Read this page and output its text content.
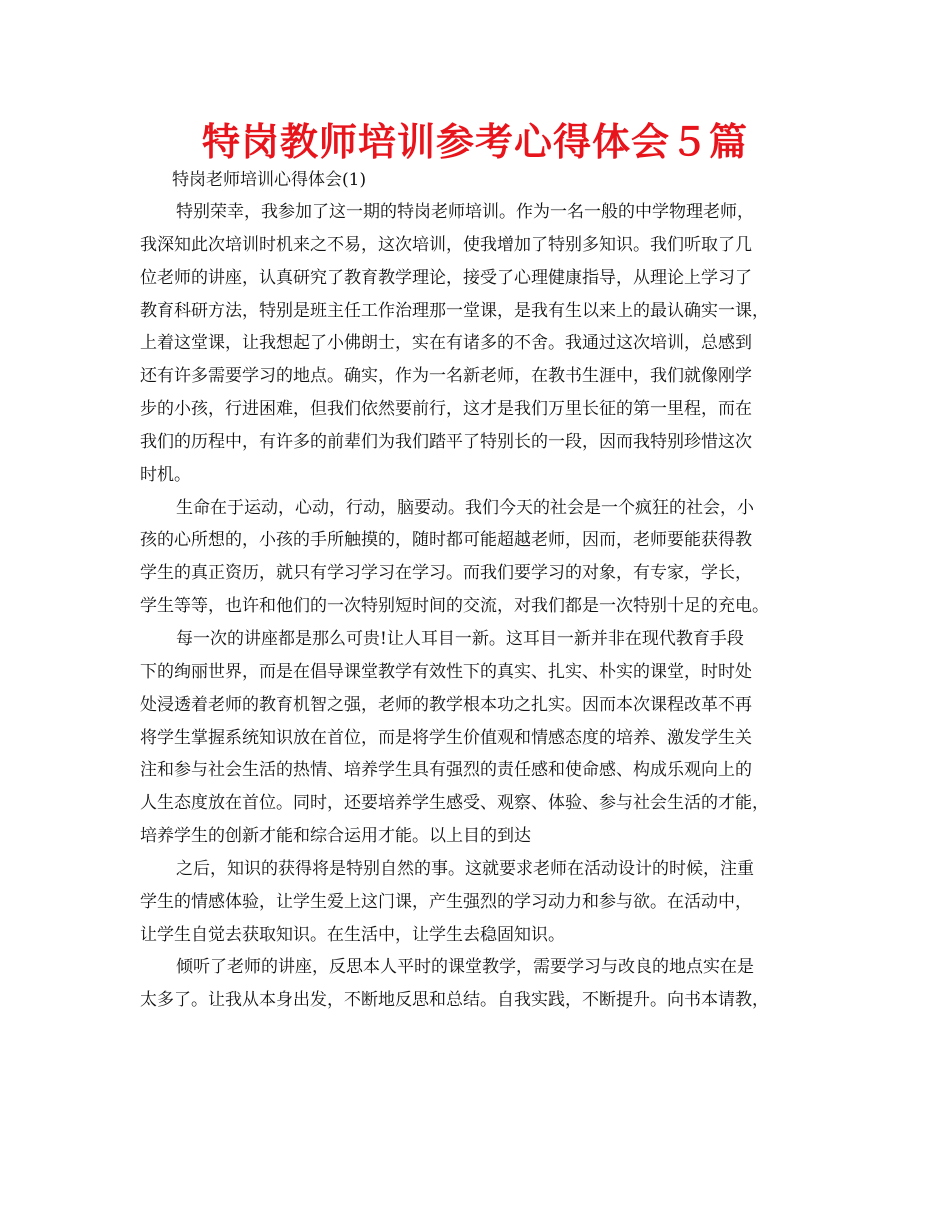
特岗教师培训参考心得体会５篇
特岗老师培训心得体会(1)
特别荣幸，我参加了这一期的特岗老师培训。作为一名一般的中学物理老师，
我深知此次培训时机来之不易，这次培训，使我增加了特别多知识。我们听取了几
位老师的讲座，认真研究了教育教学理论，接受了心理健康指导，从理论上学习了
教育科研方法，特别是班主任工作治理那一堂课，是我有生以来上的最认确实一课，
上着这堂课，让我想起了小佛朗士，实在有诸多的不舍。我通过这次培训，总感到
还有许多需要学习的地点。确实，作为一名新老师，在教书生涯中，我们就像刚学
步的小孩，行进困难，但我们依然要前行，这才是我们万里长征的第一里程，而在
我们的历程中，有许多的前辈们为我们踏平了特别长的一段，因而我特别珍惜这次
时机。
生命在于运动，心动，行动，脑要动。我们今天的社会是一个疯狂的社会，小
孩的心所想的，小孩的手所触摸的，随时都可能超越老师，因而，老师要能获得教
学生的真正资历，就只有学习学习在学习。而我们要学习的对象，有专家，学长，
学生等等，也许和他们的一次特别短时间的交流，对我们都是一次特别十足的充电。
每一次的讲座都是那么可贵!让人耳目一新。这耳目一新并非在现代教育手段
下的绚丽世界，而是在倡导课堂教学有效性下的真实、扎实、朴实的课堂，时时处
处浸透着老师的教育机智之强，老师的教学根本功之扎实。因而本次课程改革不再
将学生掌握系统知识放在首位，而是将学生价值观和情感态度的培养、激发学生关
注和参与社会生活的热情、培养学生具有强烈的责任感和使命感、构成乐观向上的
人生态度放在首位。同时，还要培养学生感受、观察、体验、参与社会生活的才能，
培养学生的创新才能和综合运用才能。以上目的到达
之后，知识的获得将是特别自然的事。这就要求老师在活动设计的时候，注重
学生的情感体验，让学生爱上这门课，产生强烈的学习动力和参与欲。在活动中，
让学生自觉去获取知识。在生活中，让学生去稳固知识。
倾听了老师的讲座，反思本人平时的课堂教学，需要学习与改良的地点实在是
太多了。让我从本身出发，不断地反思和总结。自我实践，不断提升。向书本请教，
